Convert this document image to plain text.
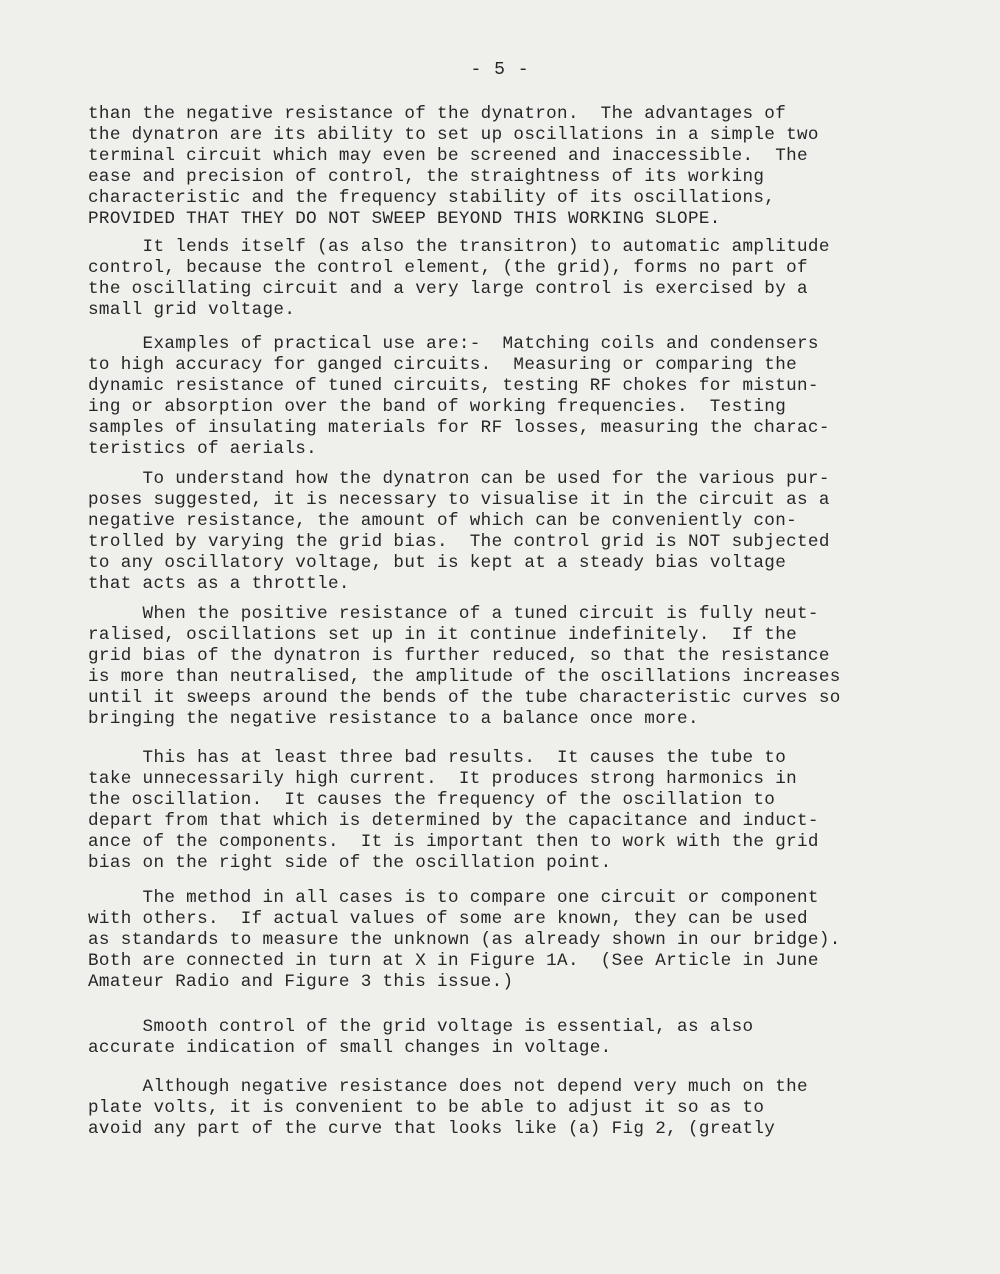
- 5 -
than the negative resistance of the dynatron.  The advantages of
the dynatron are its ability to set up oscillations in a simple two
terminal circuit which may even be screened and inaccessible.  The
ease and precision of control, the straightness of its working
characteristic and the frequency stability of its oscillations,
PROVIDED THAT THEY DO NOT SWEEP BEYOND THIS WORKING SLOPE.
It lends itself (as also the transitron) to automatic amplitude
control, because the control element, (the grid), forms no part of
the oscillating circuit and a very large control is exercised by a
small grid voltage.
Examples of practical use are:-  Matching coils and condensers
to high accuracy for ganged circuits.  Measuring or comparing the
dynamic resistance of tuned circuits, testing RF chokes for mistun-
ing or absorption over the band of working frequencies.  Testing
samples of insulating materials for RF losses, measuring the charac-
teristics of aerials.
To understand how the dynatron can be used for the various pur-
poses suggested, it is necessary to visualise it in the circuit as a
negative resistance, the amount of which can be conveniently con-
trolled by varying the grid bias.  The control grid is NOT subjected
to any oscillatory voltage, but is kept at a steady bias voltage
that acts as a throttle.
When the positive resistance of a tuned circuit is fully neut-
ralised, oscillations set up in it continue indefinitely.  If the
grid bias of the dynatron is further reduced, so that the resistance
is more than neutralised, the amplitude of the oscillations increases
until it sweeps around the bends of the tube characteristic curves so
bringing the negative resistance to a balance once more.
This has at least three bad results.  It causes the tube to
take unnecessarily high current.  It produces strong harmonics in
the oscillation.  It causes the frequency of the oscillation to
depart from that which is determined by the capacitance and induct-
ance of the components.  It is important then to work with the grid
bias on the right side of the oscillation point.
The method in all cases is to compare one circuit or component
with others.  If actual values of some are known, they can be used
as standards to measure the unknown (as already shown in our bridge).
Both are connected in turn at X in Figure 1A.  (See Article in June
Amateur Radio and Figure 3 this issue.)
Smooth control of the grid voltage is essential, as also
accurate indication of small changes in voltage.
Although negative resistance does not depend very much on the
plate volts, it is convenient to be able to adjust it so as to
avoid any part of the curve that looks like (a) Fig 2, (greatly
